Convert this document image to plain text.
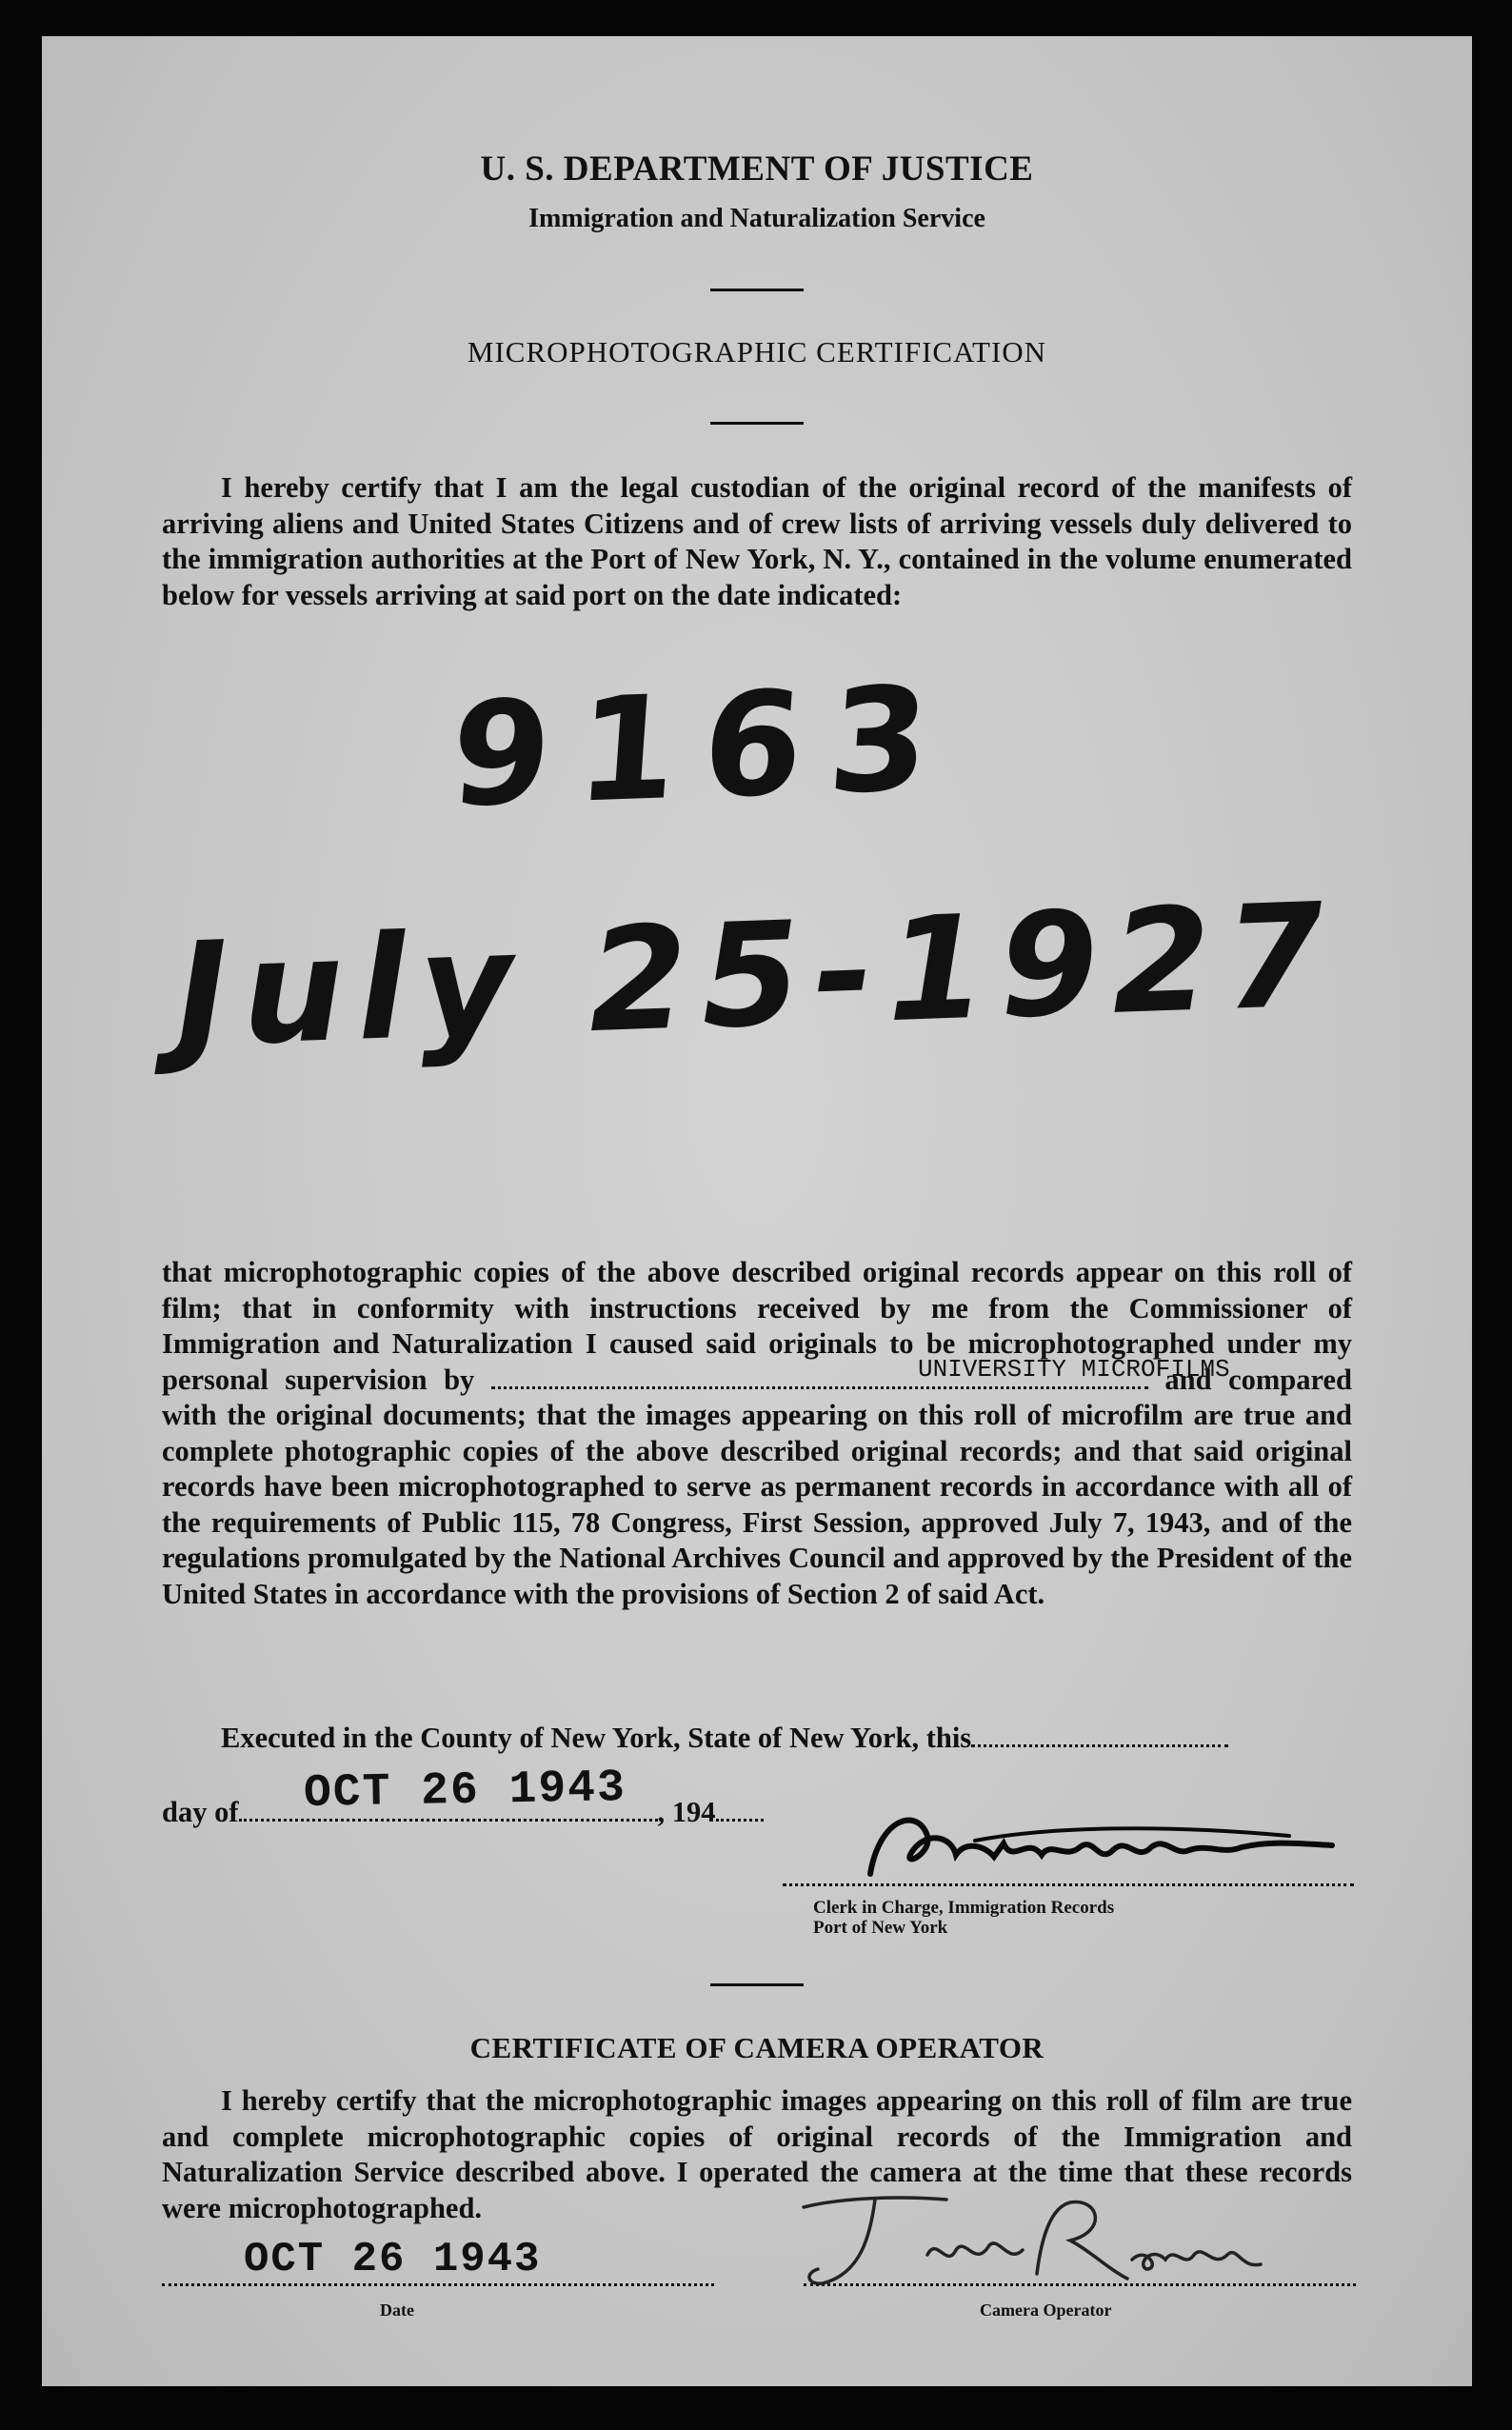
U. S. DEPARTMENT OF JUSTICE
Immigration and Naturalization Service
MICROPHOTOGRAPHIC CERTIFICATION
I hereby certify that I am the legal custodian of the original record of the manifests of arriving aliens and United States Citizens and of crew lists of arriving vessels duly delivered to the immigration authorities at the Port of New York, N. Y., contained in the volume enumerated below for vessels arriving at said port on the date indicated:
9163
July 25-1927
that microphotographic copies of the above described original records appear on this roll of film; that in conformity with instructions received by me from the Commissioner of Immigration and Naturalization I caused said originals to be microphotographed under my personal supervision by	and compared with the original documents; that the images appearing on this roll of microfilm are true and complete photographic copies of the above described original records; and that said original records have been microphotographed to serve as permanent records in accordance with all of the requirements of Public 115, 78 Congress, First Session, approved July 7, 1943, and of the regulations promulgated by the National Archives Council and approved by the President of the United States in accordance with the provisions of Section 2 of said Act.
UNIVERSITY MICROFILMS
Executed in the County of New York, State of New York, this
day of	, 194
OCT 26 1943
Clerk in Charge, Immigration Records
Port of New York
CERTIFICATE OF CAMERA OPERATOR
I hereby certify that the microphotographic images appearing on this roll of film are true and complete microphotographic copies of original records of the Immigration and Naturalization Service described above. I operated the camera at the time that these records were microphotographed.
OCT 26 1943
Date	Camera Operator
